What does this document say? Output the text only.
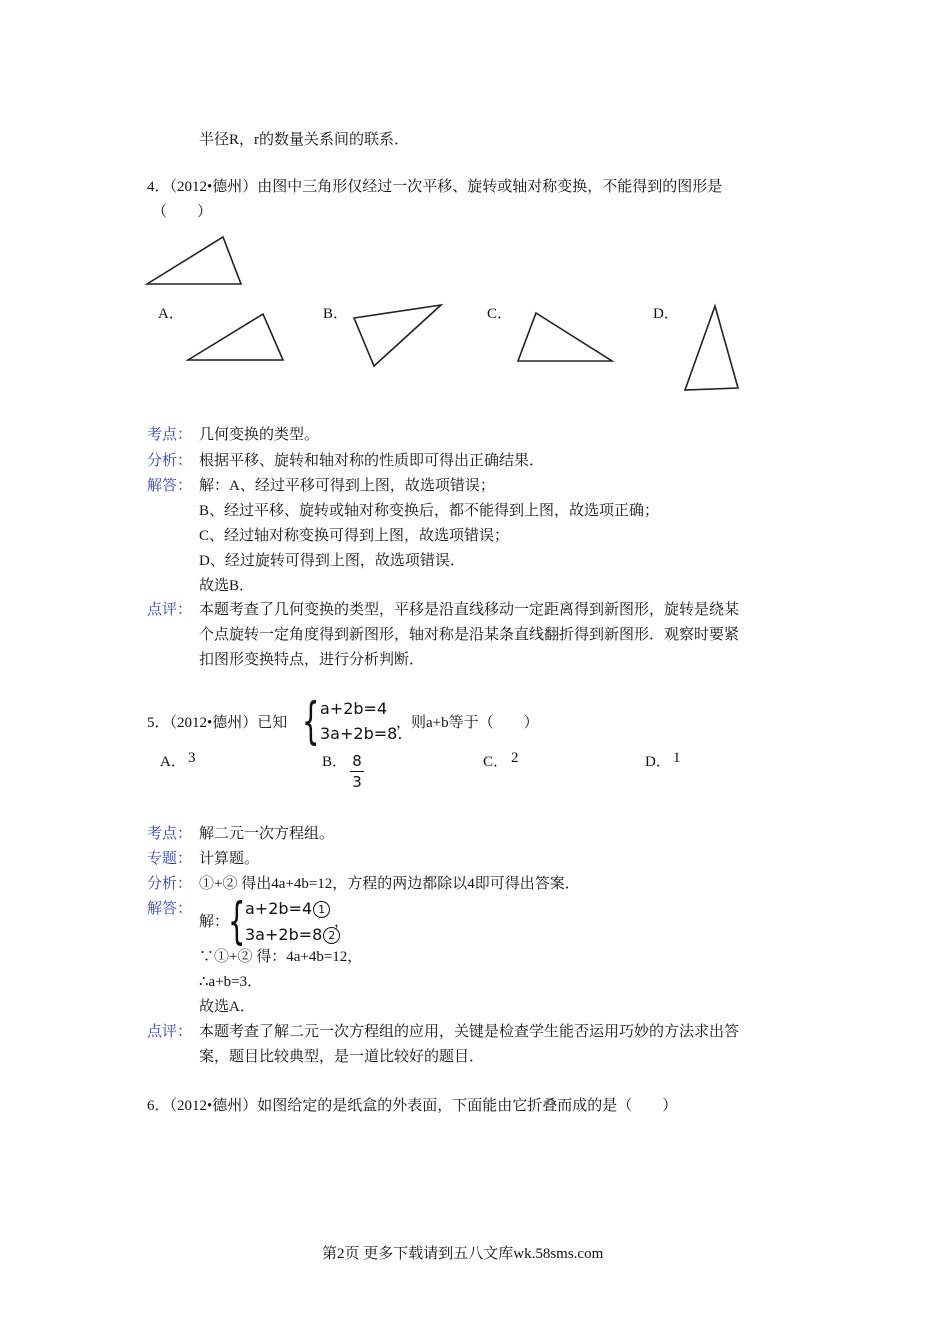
半径R，r的数量关系间的联系．
4．（2012•德州）由图中三角形仅经过一次平移、旋转或轴对称变换，不能得到的图形是
（　　）
A．	B．	C．	D．
考点： 几何变换的类型。
分析： 根据平移、旋转和轴对称的性质即可得出正确结果．
解答： 解：A、经过平移可得到上图，故选项错误；
B、经过平移、旋转或轴对称变换后，都不能得到上图，故选项正确；
C、经过轴对称变换可得到上图，故选项错误；
D、经过旋转可得到上图，故选项错误．
故选B．
点评： 本题考查了几何变换的类型，平移是沿直线移动一定距离得到新图形，旋转是绕某
个点旋转一定角度得到新图形，轴对称是沿某条直线翻折得到新图形．观察时要紧
扣图形变换特点，进行分析判断．
5．（2012•德州）已知 { a+2b=4
3a+2b=8.
，则a+b等于（　　）
A． 3	B． 8
3
C． 2	D． 1
考点： 解二元一次方程组。
专题： 计算题。
分析： ①+② 得出4a+4b=12，方程的两边都除以4即可得出答案．
解答：
解：
{ a+2b=4 1
3a+2b=8 2
，
∵①+② 得：4a+4b=12，
∴a+b=3．
故选A．
点评： 本题考查了解二元一次方程组的应用，关键是检查学生能否运用巧妙的方法求出答
案，题目比较典型，是一道比较好的题目．
6．（2012•德州）如图给定的是纸盒的外表面，下面能由它折叠而成的是（　　）
第2页 更多下载请到五八文库wk.58sms.com
